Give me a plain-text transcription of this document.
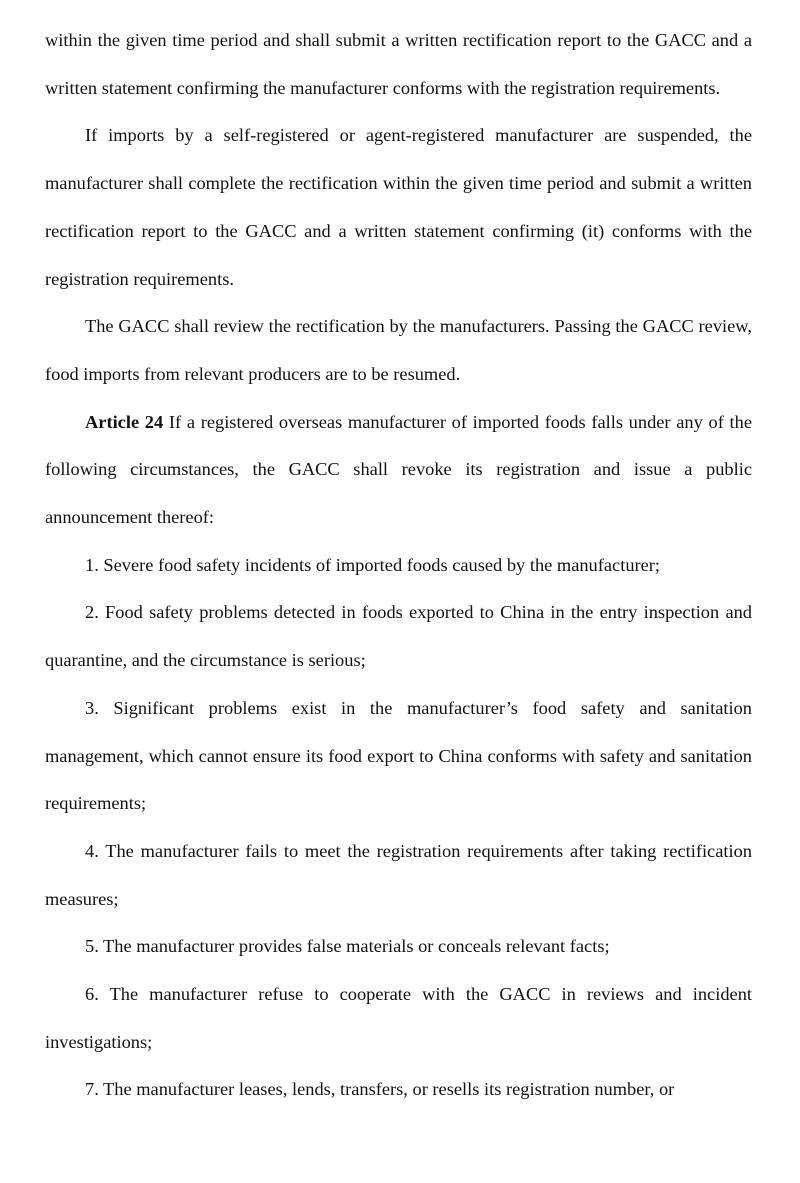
within the given time period and shall submit a written rectification report to the GACC and a written statement confirming the manufacturer conforms with the registration requirements.

If imports by a self-registered or agent-registered manufacturer are suspended, the manufacturer shall complete the rectification within the given time period and submit a written rectification report to the GACC and a written statement confirming (it) conforms with the registration requirements.

The GACC shall review the rectification by the manufacturers. Passing the GACC review, food imports from relevant producers are to be resumed.

Article 24 If a registered overseas manufacturer of imported foods falls under any of the following circumstances, the GACC shall revoke its registration and issue a public announcement thereof:

1. Severe food safety incidents of imported foods caused by the manufacturer;

2. Food safety problems detected in foods exported to China in the entry inspection and quarantine, and the circumstance is serious;

3. Significant problems exist in the manufacturer’s food safety and sanitation management, which cannot ensure its food export to China conforms with safety and sanitation requirements;

4. The manufacturer fails to meet the registration requirements after taking rectification measures;

5. The manufacturer provides false materials or conceals relevant facts;

6. The manufacturer refuse to cooperate with the GACC in reviews and incident investigations;

7. The manufacturer leases, lends, transfers, or resells its registration number, or
